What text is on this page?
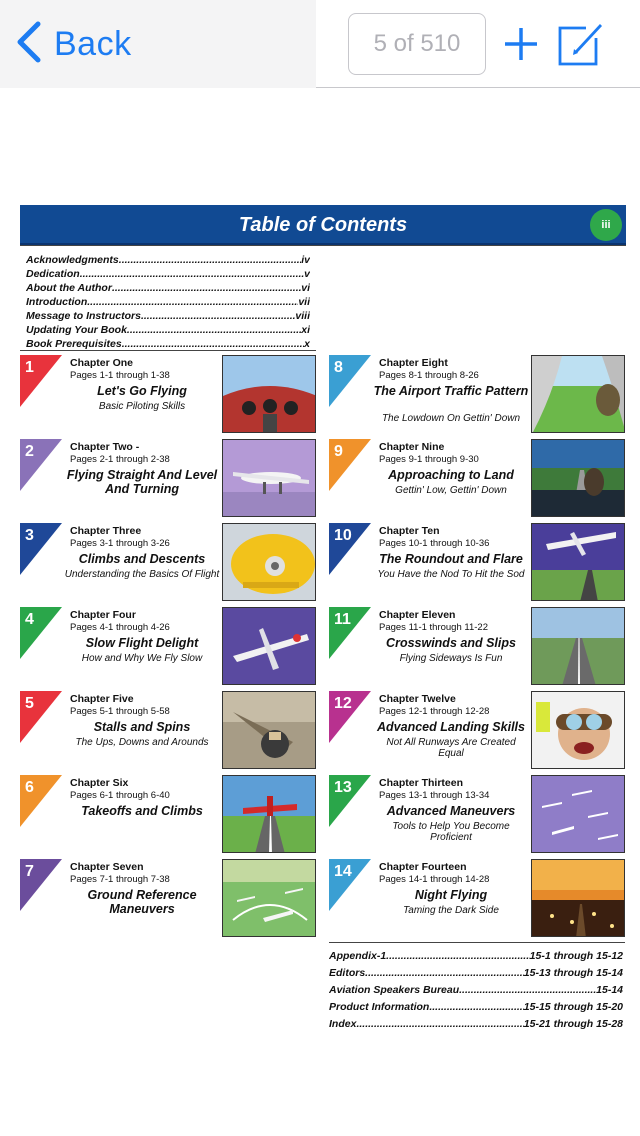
Back	5 of 510
Table of Contents	iii
Acknowledgments .....	iv
Dedication .....	v
About the Author .....	vi
Introduction .....	vii
Message to Instructors .....	viii
Updating Your Book .....	xi
Book Prerequisites .....	x
1	Chapter One
Pages 1-1 through 1-38
Let's Go Flying
Basic Piloting Skills
2	Chapter Two -
Pages 2-1 through 2-38
Flying Straight And Level And Turning
3	Chapter Three
Pages 3-1 through 3-26
Climbs and Descents
Understanding the Basics Of Flight
4	Chapter Four
Pages 4-1 through 4-26
Slow Flight Delight
How and Why We Fly Slow
5	Chapter Five
Pages 5-1 through 5-58
Stalls and Spins
The Ups, Downs and Arounds
6	Chapter Six
Pages 6-1 through 6-40
Takeoffs and Climbs
7	Chapter Seven
Pages 7-1 through 7-38
Ground Reference Maneuvers
8	Chapter Eight
Pages 8-1 through 8-26
The Airport Traffic Pattern
The Lowdown On Gettin' Down
9	Chapter Nine
Pages 9-1 through 9-30
Approaching to Land
Gettin' Low, Gettin' Down
10	Chapter Ten
Pages 10-1 through 10-36
The Roundout and Flare
You Have the Nod To Hit the Sod
11	Chapter Eleven
Pages 11-1 through 11-22
Crosswinds and Slips
Flying Sideways Is Fun
12	Chapter Twelve
Pages 12-1 through 12-28
Advanced Landing Skills
Not All Runways Are Created Equal
13	Chapter Thirteen
Pages 13-1 through 13-34
Advanced Maneuvers
Tools to Help You Become Proficient
14	Chapter Fourteen
Pages 14-1 through 14-28
Night Flying
Taming the Dark Side
Appendix-1 .....	15-1 through 15-12
Editors .....	15-13 through 15-14
Aviation Speakers Bureau .....	15-14
Product Information .....	15-15 through 15-20
Index .....	15-21 through 15-28
